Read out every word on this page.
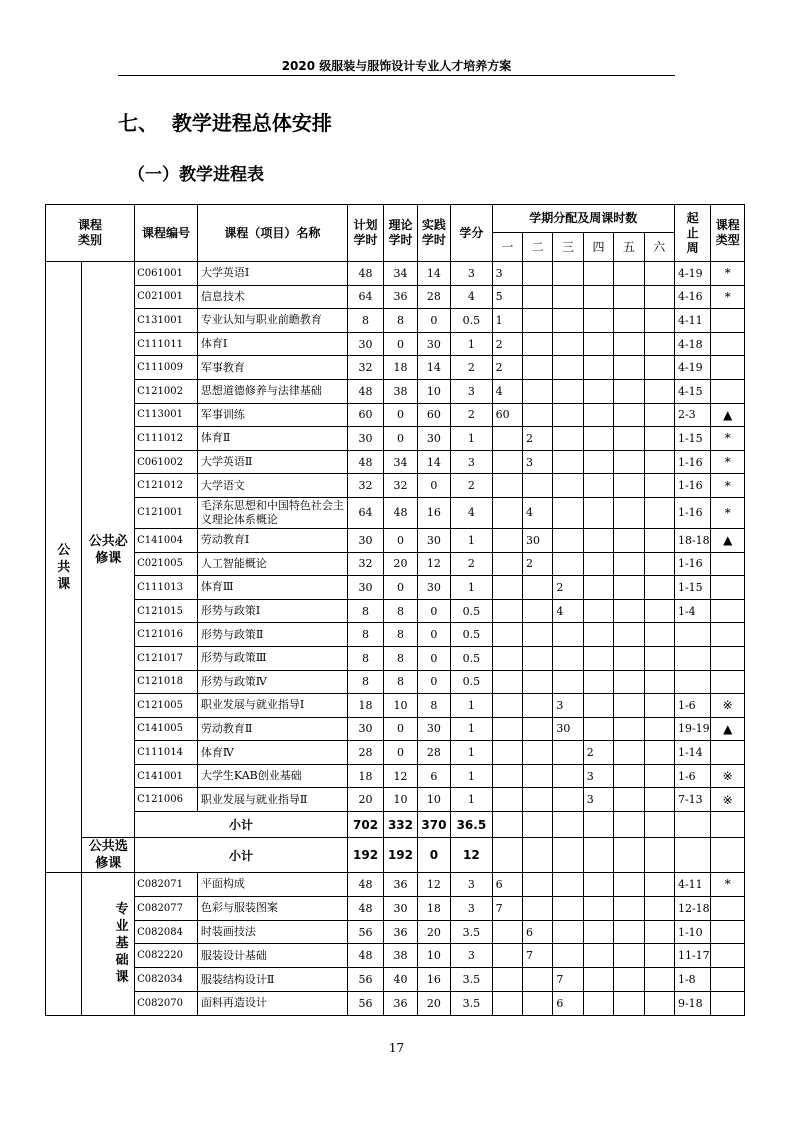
2020 级服装与服饰设计专业人才培养方案
七、  教学进程总体安排
（一）教学进程表
课程类别		课程编号	课程（项目）名称	计划学时	理论学时	实践学时	学分	学期分配及周课时数						起止周	课程类型

								一	二	三	四	五	六		

公共课	公共必修课	C061001	大学英语Ⅰ	48	34	14	3	3						4-19	*
		C021001	信息技术	64	36	28	4	5						4-16	*
		C131001	专业认知与职业前瞻教育	8	8	0	0.5	1						4-11	
		C111011	体育Ⅰ	30	0	30	1	2						4-18	
		C111009	军事教育	32	18	14	2	2						4-19	
		C121002	思想道德修养与法律基础	48	38	10	3	4						4-15	
		C113001	军事训练	60	0	60	2	60						2-3	▲
		C111012	体育Ⅱ	30	0	30	1		2					1-15	*
		C061002	大学英语Ⅱ	48	34	14	3		3					1-16	*
		C121012	大学语文	32	32	0	2							1-16	*
		C121001	毛泽东思想和中国特色社会主义理论体系概论	64	48	16	4		4					1-16	*
		C141004	劳动教育Ⅰ	30	0	30	1		30					18-18	▲
		C021005	人工智能概论	32	20	12	2		2					1-16	
		C111013	体育Ⅲ	30	0	30	1			2				1-15	
		C121015	形势与政策Ⅰ	8	8	0	0.5			4				1-4	
		C121016	形势与政策Ⅱ	8	8	0	0.5								
		C121017	形势与政策Ⅲ	8	8	0	0.5								
		C121018	形势与政策Ⅳ	8	8	0	0.5								
		C121005	职业发展与就业指导Ⅰ	18	10	8	1			3				1-6	※
		C141005	劳动教育Ⅱ	30	0	30	1			30				19-19	▲
		C111014	体育Ⅳ	28	0	28	1				2			1-14	
		C141001	大学生KAB创业基础	18	12	6	1				3			1-6	※
		C121006	职业发展与就业指导Ⅱ	20	10	10	1				3			7-13	※
		小计		702	332	370	36.5								

	公共选修课	小计		192	192	0	12								

	专业基础课	C082071	平面构成	48	36	12	3	6						4-11	*
		C082077	色彩与服装图案	48	30	18	3	7						12-18	
		C082084	时装画技法	56	36	20	3.5		6					1-10	
		C082220	服装设计基础	48	38	10	3		7					11-17	
		C082034	服装结构设计Ⅱ	56	40	16	3.5			7				1-8	
		C082070	面料再造设计	56	36	20	3.5			6				9-18	
17
